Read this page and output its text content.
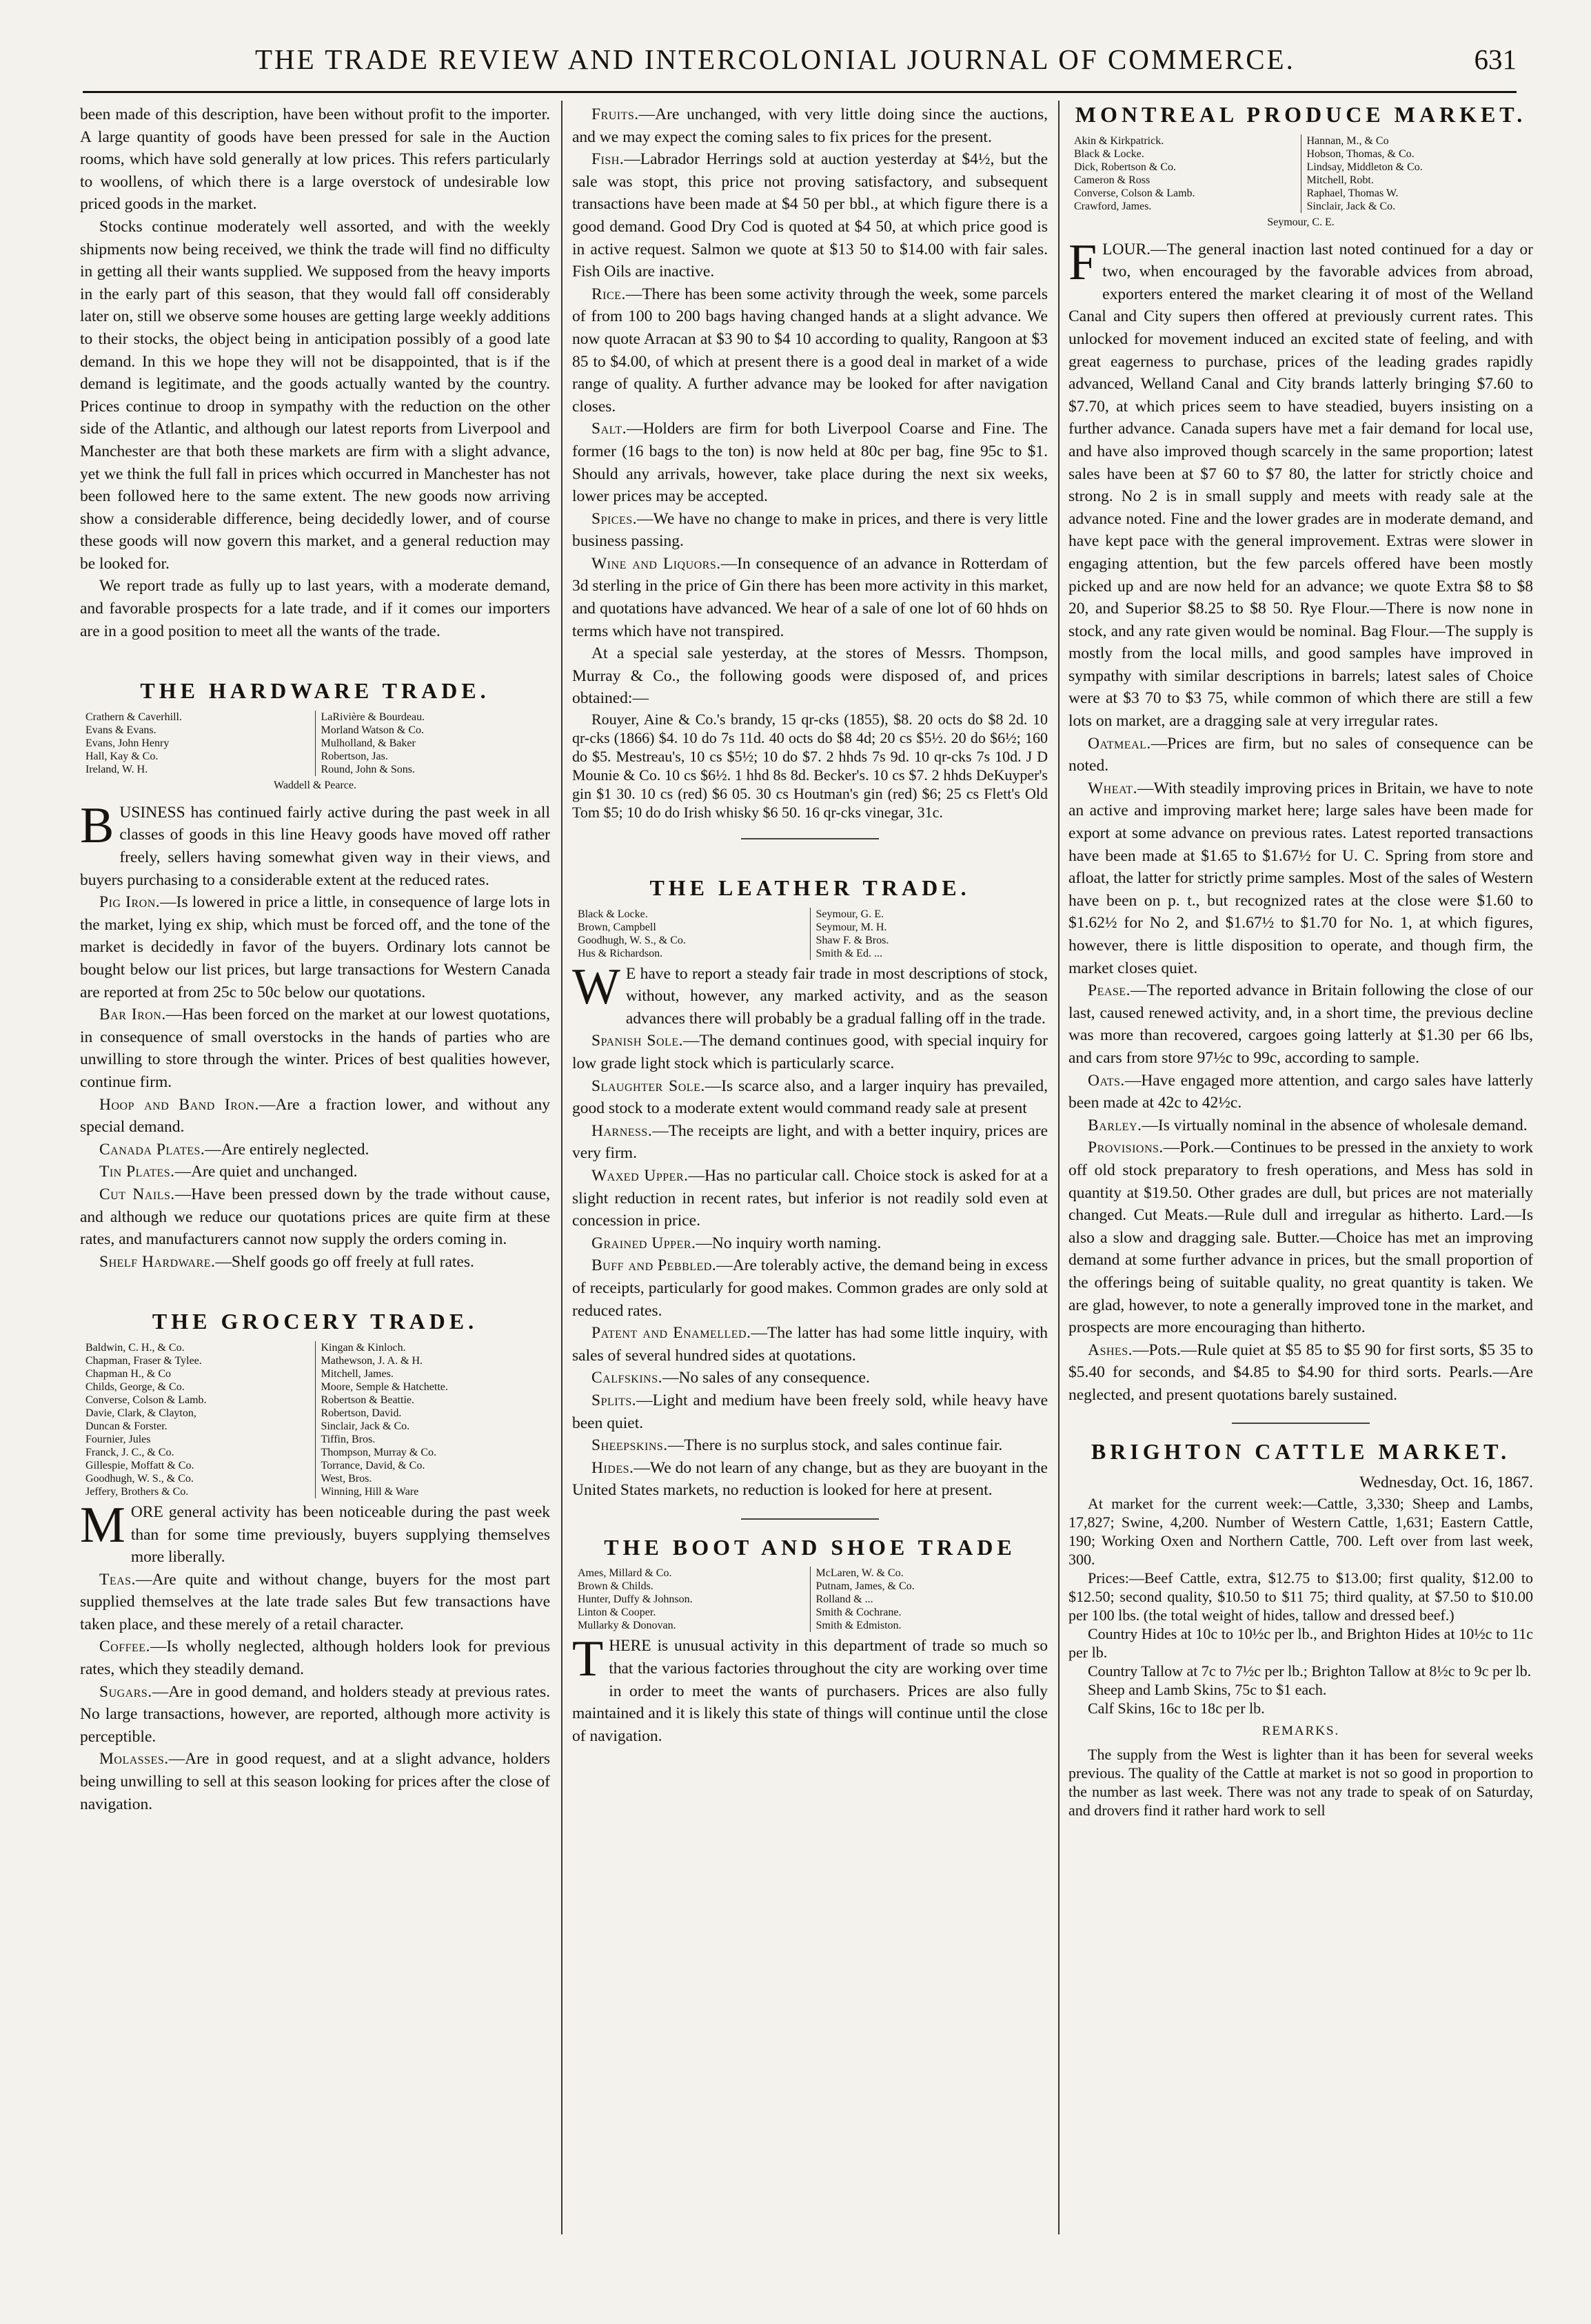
THE TRADE REVIEW AND INTERCOLONIAL JOURNAL OF COMMERCE.	631

been made of this description, have been without profit to the importer. A large quantity of goods have been pressed for sale in the Auction rooms, which have sold generally at low prices. This refers particularly to woollens, of which there is a large overstock of undesirable low priced goods in the market.

Stocks continue moderately well assorted, and with the weekly shipments now being received, we think the trade will find no difficulty in getting all their wants supplied. We supposed from the heavy imports in the early part of this season, that they would fall off considerably later on, still we observe some houses are getting large weekly additions to their stocks, the object being in anticipation possibly of a good late demand. In this we hope they will not be disappointed, that is if the demand is legitimate, and the goods actually wanted by the country. Prices continue to droop in sympathy with the reduction on the other side of the Atlantic, and although our latest reports from Liverpool and Manchester are that both these markets are firm with a slight advance, yet we think the full fall in prices which occurred in Manchester has not been followed here to the same extent. The new goods now arriving show a considerable difference, being decidedly lower, and of course these goods will now govern this market, and a general reduction may be looked for.

We report trade as fully up to last years, with a moderate demand, and favorable prospects for a late trade, and if it comes our importers are in a good position to meet all the wants of the trade.

THE HARDWARE TRADE.
Crathern & Caverhill.
Evans & Evans.
Evans, John Henry
Hall, Kay & Co.
Ireland, W. H.
LaRivière & Bourdeau.
Morland Watson & Co.
Mulholland, & Baker
Robertson, Jas.
Round, John & Sons.
Waddell & Pearce.

BUSINESS has continued fairly active during the past week in all classes of goods in this line Heavy goods have moved off rather freely, sellers having somewhat given way in their views, and buyers purchasing to a considerable extent at the reduced rates.

Pig Iron.—Is lowered in price a little, in consequence of large lots in the market, lying ex ship, which must be forced off, and the tone of the market is decidedly in favor of the buyers. Ordinary lots cannot be bought below our list prices, but large transactions for Western Canada are reported at from 25c to 50c below our quotations.

Bar Iron.—Has been forced on the market at our lowest quotations, in consequence of small overstocks in the hands of parties who are unwilling to store through the winter. Prices of best qualities however, continue firm.

Hoop and Band Iron.—Are a fraction lower, and without any special demand.

Canada Plates.—Are entirely neglected.

Tin Plates.—Are quiet and unchanged.

Cut Nails.—Have been pressed down by the trade without cause, and although we reduce our quotations prices are quite firm at these rates, and manufacturers cannot now supply the orders coming in.

Shelf Hardware.—Shelf goods go off freely at full rates.

THE GROCERY TRADE.
Baldwin, C. H., & Co.
Chapman, Fraser & Tylee.
Chapman H., & Co
Childs, George, & Co.
Converse, Colson & Lamb.
Davie, Clark, & Clayton,
Duncan & Forster.
Fournier, Jules
Franck, J. C., & Co.
Gillespie, Moffatt & Co.
Goodhugh, W. S., & Co.
Jeffery, Brothers & Co.
Kingan & Kinloch.
Mathewson, J. A. & H.
Mitchell, James.
Moore, Semple & Hatchette.
Robertson & Beattie.
Robertson, David.
Sinclair, Jack & Co.
Tiffin, Bros.
Thompson, Murray & Co.
Torrance, David, & Co.
West, Bros.
Winning, Hill & Ware

MORE general activity has been noticeable during the past week than for some time previously, buyers supplying themselves more liberally.

Teas.—Are quite and without change, buyers for the most part supplied themselves at the late trade sales But few transactions have taken place, and these merely of a retail character.

Coffee.—Is wholly neglected, although holders look for previous rates, which they steadily demand.

Sugars.—Are in good demand, and holders steady at previous rates. No large transactions, however, are reported, although more activity is perceptible.

Molasses.—Are in good request, and at a slight advance, holders being unwilling to sell at this season looking for prices after the close of navigation.

Fruits.—Are unchanged, with very little doing since the auctions, and we may expect the coming sales to fix prices for the present.

Fish.—Labrador Herrings sold at auction yesterday at $4½, but the sale was stopt, this price not proving satisfactory, and subsequent transactions have been made at $4 50 per bbl., at which figure there is a good demand. Good Dry Cod is quoted at $4 50, at which price good is in active request. Salmon we quote at $13 50 to $14.00 with fair sales. Fish Oils are inactive.

Rice.—There has been some activity through the week, some parcels of from 100 to 200 bags having changed hands at a slight advance. We now quote Arracan at $3 90 to $4 10 according to quality, Rangoon at $3 85 to $4.00, of which at present there is a good deal in market of a wide range of quality. A further advance may be looked for after navigation closes.

Salt.—Holders are firm for both Liverpool Coarse and Fine. The former (16 bags to the ton) is now held at 80c per bag, fine 95c to $1. Should any arrivals, however, take place during the next six weeks, lower prices may be accepted.

Spices.—We have no change to make in prices, and there is very little business passing.

Wine and Liquors.—In consequence of an advance in Rotterdam of 3d sterling in the price of Gin there has been more activity in this market, and quotations have advanced. We hear of a sale of one lot of 60 hhds on terms which have not transpired.

At a special sale yesterday, at the stores of Messrs. Thompson, Murray & Co., the following goods were disposed of, and prices obtained:—

Rouyer, Aine & Co.'s brandy, 15 qr-cks (1855), $8. 20 octs do $8 2d. 10 qr-cks (1866) $4. 10 do 7s 11d. 40 octs do $8 4d; 20 cs $5½. 20 do $6½; 160 do $5. Mestreau's, 10 cs $5½; 10 do $7. 2 hhds 7s 9d. 10 qr-cks 7s 10d. J D Mounie & Co. 10 cs $6½. 1 hhd 8s 8d. Becker's. 10 cs $7. 2 hhds DeKuyper's gin $1 30. 10 cs (red) $6 05. 30 cs Houtman's gin (red) $6; 25 cs Flett's Old Tom $5; 10 do do Irish whisky $6 50. 16 qr-cks vinegar, 31c.

THE LEATHER TRADE.
Black & Locke.
Brown, Campbell
Goodhugh, W. S., & Co.
Hus & Richardson.
Seymour, G. E.
Seymour, M. H.
Shaw F. & Bros.
Smith & Ed. ...

W E have to report a steady fair trade in most descriptions of stock, without, however, any marked activity, and as the season advances there will probably be a gradual falling off in the trade.

Spanish Sole.—The demand continues good, with special inquiry for low grade light stock which is particularly scarce.

Slaughter Sole.—Is scarce also, and a larger inquiry has prevailed, good stock to a moderate extent would command ready sale at present

Harness.—The receipts are light, and with a better inquiry, prices are very firm.

Waxed Upper.—Has no particular call. Choice stock is asked for at a slight reduction in recent rates, but inferior is not readily sold even at concession in price.

Grained Upper.—No inquiry worth naming.

Buff and Pebbled.—Are tolerably active, the demand being in excess of receipts, particularly for good makes. Common grades are only sold at reduced rates.

Patent and Enamelled.—The latter has had some little inquiry, with sales of several hundred sides at quotations.

Calfskins.—No sales of any consequence.

Splits.—Light and medium have been freely sold, while heavy have been quiet.

Sheepskins.—There is no surplus stock, and sales continue fair.

Hides.—We do not learn of any change, but as they are buoyant in the United States markets, no reduction is looked for here at present.

THE BOOT AND SHOE TRADE
Ames, Millard & Co.
Brown & Childs.
Hunter, Duffy & Johnson.
Linton & Cooper.
Mullarky & Donovan.
McLaren, W. & Co.
Putnam, James, & Co.
Rolland & ...
Smith & Cochrane.
Smith & Edmiston.

THERE is unusual activity in this department of trade so much so that the various factories throughout the city are working over time in order to meet the wants of purchasers. Prices are also fully maintained and it is likely this state of things will continue until the close of navigation.

MONTREAL PRODUCE MARKET.
Akin & Kirkpatrick.
Black & Locke.
Dick, Robertson & Co.
Cameron & Ross
Converse, Colson & Lamb.
Crawford, James.
Hannan, M., & Co
Hobson, Thomas, & Co.
Lindsay, Middleton & Co.
Mitchell, Robt.
Raphael, Thomas W.
Sinclair, Jack & Co.
Seymour, C. E.

FLOUR.—The general inaction last noted continued for a day or two, when encouraged by the favorable advices from abroad, exporters entered the market clearing it of most of the Welland Canal and City supers then offered at previously current rates. This unlocked for movement induced an excited state of feeling, and with great eagerness to purchase, prices of the leading grades rapidly advanced, Welland Canal and City brands latterly bringing $7.60 to $7.70, at which prices seem to have steadied, buyers insisting on a further advance. Canada supers have met a fair demand for local use, and have also improved though scarcely in the same proportion; latest sales have been at $7 60 to $7 80, the latter for strictly choice and strong. No 2 is in small supply and meets with ready sale at the advance noted. Fine and the lower grades are in moderate demand, and have kept pace with the general improvement. Extras were slower in engaging attention, but the few parcels offered have been mostly picked up and are now held for an advance; we quote Extra $8 to $8 20, and Superior $8.25 to $8 50. Rye Flour.—There is now none in stock, and any rate given would be nominal. Bag Flour.—The supply is mostly from the local mills, and good samples have improved in sympathy with similar descriptions in barrels; latest sales of Choice were at $3 70 to $3 75, while common of which there are still a few lots on market, are a dragging sale at very irregular rates.

Oatmeal.—Prices are firm, but no sales of consequence can be noted.

Wheat.—With steadily improving prices in Britain, we have to note an active and improving market here; large sales have been made for export at some advance on previous rates. Latest reported transactions have been made at $1.65 to $1.67½ for U. C. Spring from store and afloat, the latter for strictly prime samples. Most of the sales of Western have been on p. t., but recognized rates at the close were $1.60 to $1.62½ for No 2, and $1.67½ to $1.70 for No. 1, at which figures, however, there is little disposition to operate, and though firm, the market closes quiet.

Pease.—The reported advance in Britain following the close of our last, caused renewed activity, and, in a short time, the previous decline was more than recovered, cargoes going latterly at $1.30 per 66 lbs, and cars from store 97½c to 99c, according to sample.

Oats.—Have engaged more attention, and cargo sales have latterly been made at 42c to 42½c.

Barley.—Is virtually nominal in the absence of wholesale demand.

Provisions.—Pork.—Continues to be pressed in the anxiety to work off old stock preparatory to fresh operations, and Mess has sold in quantity at $19.50. Other grades are dull, but prices are not materially changed. Cut Meats.—Rule dull and irregular as hitherto. Lard.—Is also a slow and dragging sale. Butter.—Choice has met an improving demand at some further advance in prices, but the small proportion of the offerings being of suitable quality, no great quantity is taken. We are glad, however, to note a generally improved tone in the market, and prospects are more encouraging than hitherto.

Ashes.—Pots.—Rule quiet at $5 85 to $5 90 for first sorts, $5 35 to $5.40 for seconds, and $4.85 to $4.90 for third sorts. Pearls.—Are neglected, and present quotations barely sustained.

BRIGHTON CATTLE MARKET.
Wednesday, Oct. 16, 1867.

At market for the current week:—Cattle, 3,330; Sheep and Lambs, 17,827; Swine, 4,200. Number of Western Cattle, 1,631; Eastern Cattle, 190; Working Oxen and Northern Cattle, 700. Left over from last week, 300.

Prices:—Beef Cattle, extra, $12.75 to $13.00; first quality, $12.00 to $12.50; second quality, $10.50 to $11 75; third quality, at $7.50 to $10.00 per 100 lbs. (the total weight of hides, tallow and dressed beef.)

Country Hides at 10c to 10½c per lb., and Brighton Hides at 10½c to 11c per lb.

Country Tallow at 7c to 7½c per lb.; Brighton Tallow at 8½c to 9c per lb.

Sheep and Lamb Skins, 75c to $1 each.

Calf Skins, 16c to 18c per lb.

REMARKS.

The supply from the West is lighter than it has been for several weeks previous. The quality of the Cattle at market is not so good in proportion to the number as last week. There was not any trade to speak of on Saturday, and drovers find it rather hard work to sell
